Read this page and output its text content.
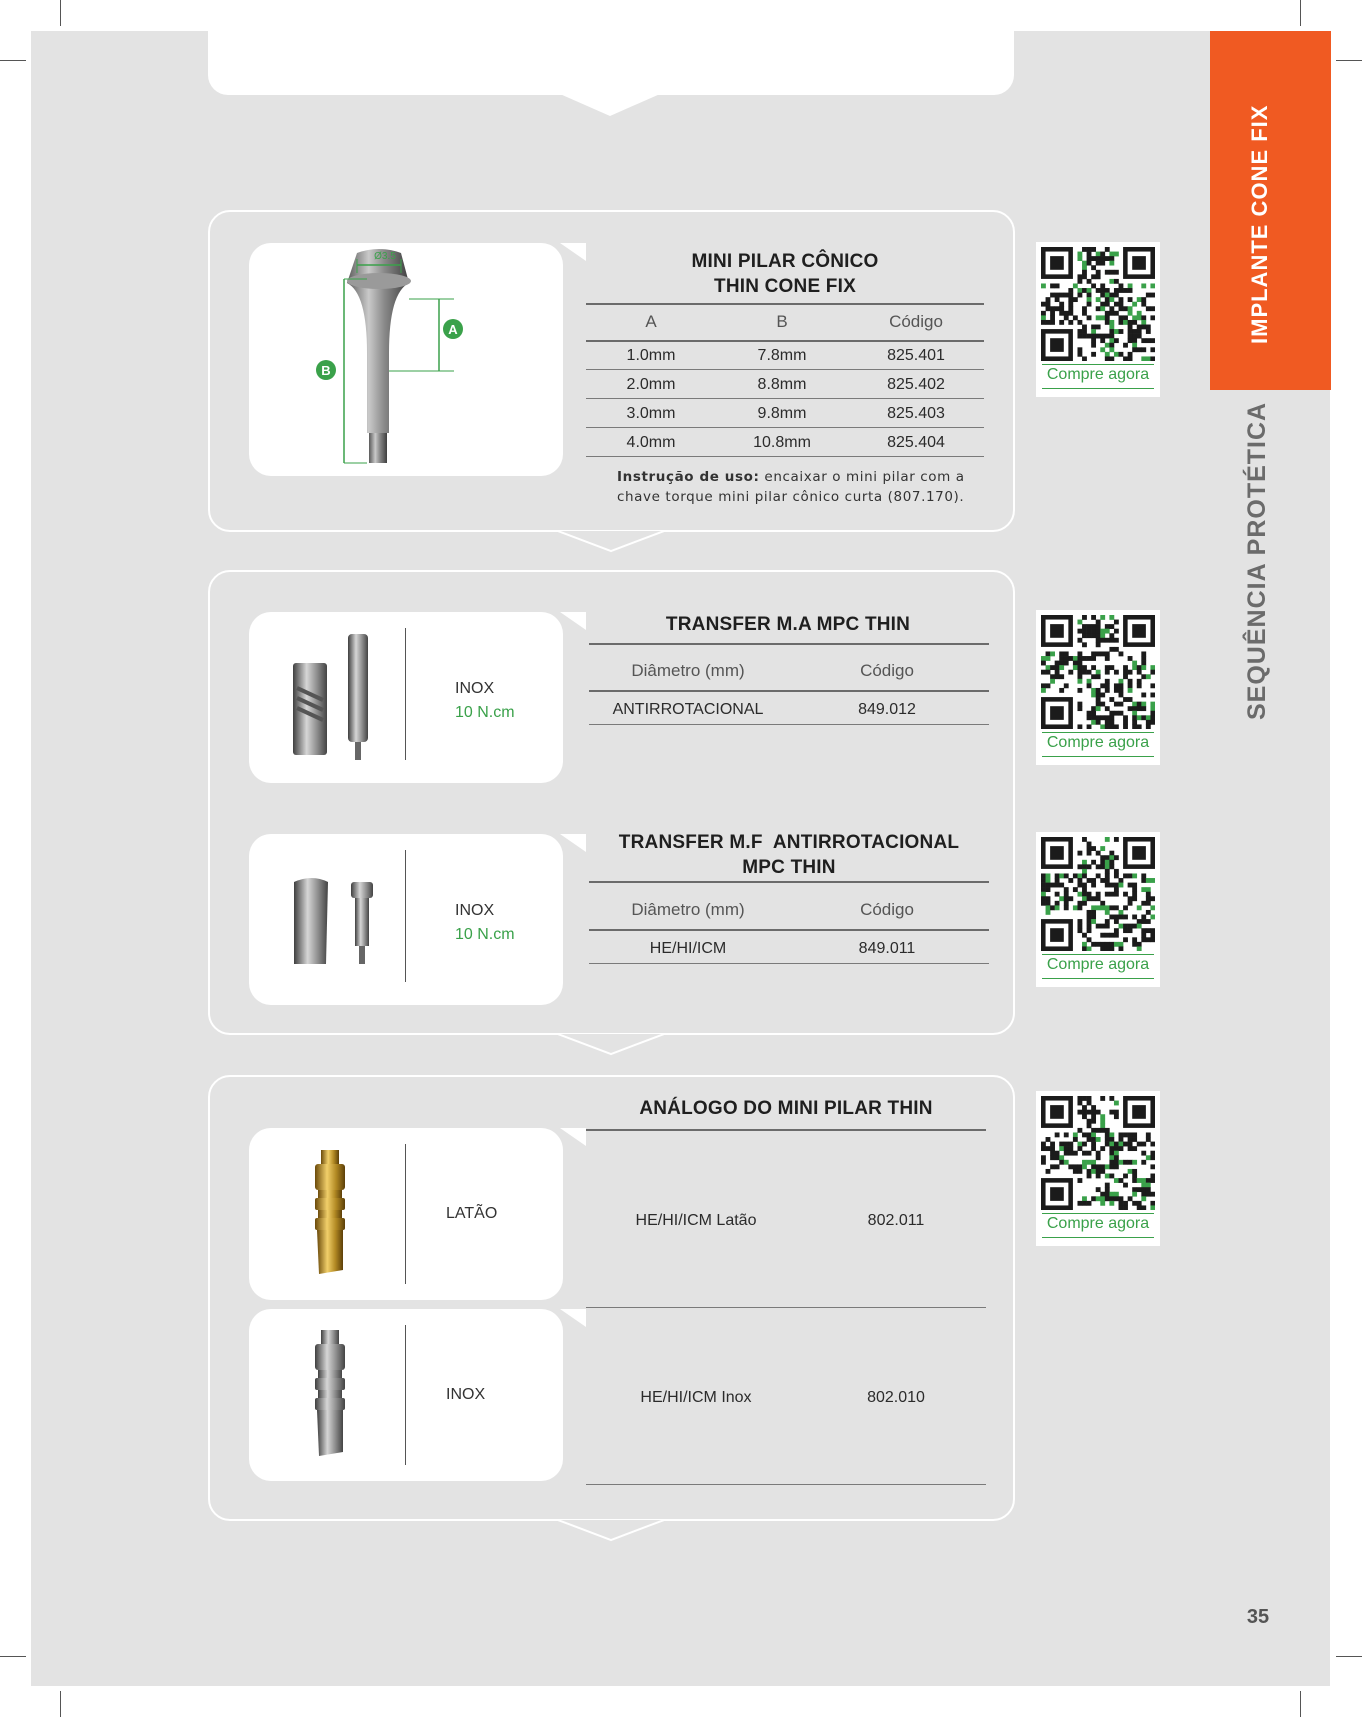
IMPLANTE CONE FIX
SEQUÊNCIA PROTÉTICA
35
Ø3.5
A
B
MINI PILAR CÔNICO
THIN CONE FIX
A	B	Código
1.0mm	7.8mm	825.401
2.0mm	8.8mm	825.402
3.0mm	9.8mm	825.403
4.0mm	10.8mm	825.404
Instrução de uso: encaixar o mini pilar com a
chave torque mini pilar cônico curta (807.170).
Compre agora
INOX
10 N.cm
TRANSFER M.A MPC THIN
Diâmetro (mm)	Código
ANTIRROTACIONAL	849.012
Compre agora
INOX
10 N.cm
TRANSFER M.F  ANTIRROTACIONAL
MPC THIN
Diâmetro (mm)	Código
HE/HI/ICM	849.011
Compre agora
ANÁLOGO DO MINI PILAR THIN
LATÃO	HE/HI/ICM Latão	802.011
INOX	HE/HI/ICM Inox	802.010
Compre agora
